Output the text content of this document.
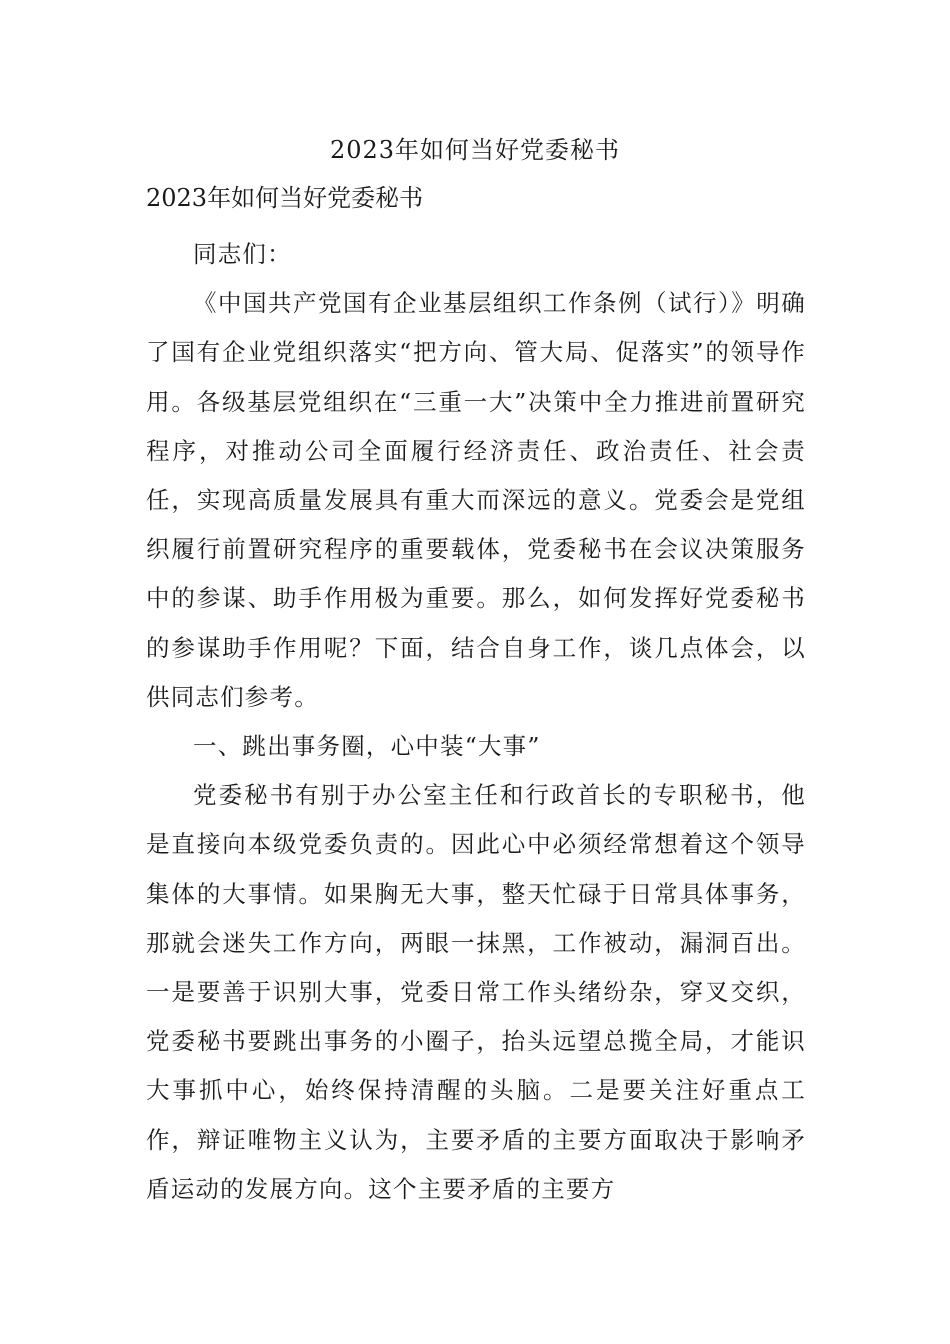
2023年如何当好党委秘书
2023年如何当好党委秘书

同志们：

《中国共产党国有企业基层组织工作条例（试行）》明确了国有企业党组织落实“把方向、管大局、促落实”的领导作用。各级基层党组织在“三重一大”决策中全力推进前置研究程序，对推动公司全面履行经济责任、政治责任、社会责任，实现高质量发展具有重大而深远的意义。党委会是党组织履行前置研究程序的重要载体，党委秘书在会议决策服务中的参谋、助手作用极为重要。那么，如何发挥好党委秘书的参谋助手作用呢？下面，结合自身工作，谈几点体会，以供同志们参考。

一、跳出事务圈，心中装“大事”

党委秘书有别于办公室主任和行政首长的专职秘书，他是直接向本级党委负责的。因此心中必须经常想着这个领导集体的大事情。如果胸无大事，整天忙碌于日常具体事务，那就会迷失工作方向，两眼一抹黑，工作被动，漏洞百出。一是要善于识别大事，党委日常工作头绪纷杂，穿叉交织，党委秘书要跳出事务的小圈子，抬头远望总揽全局，才能识大事抓中心，始终保持清醒的头脑。二是要关注好重点工作，辩证唯物主义认为，主要矛盾的主要方面取决于影响矛盾运动的发展方向。这个主要矛盾的主要方
